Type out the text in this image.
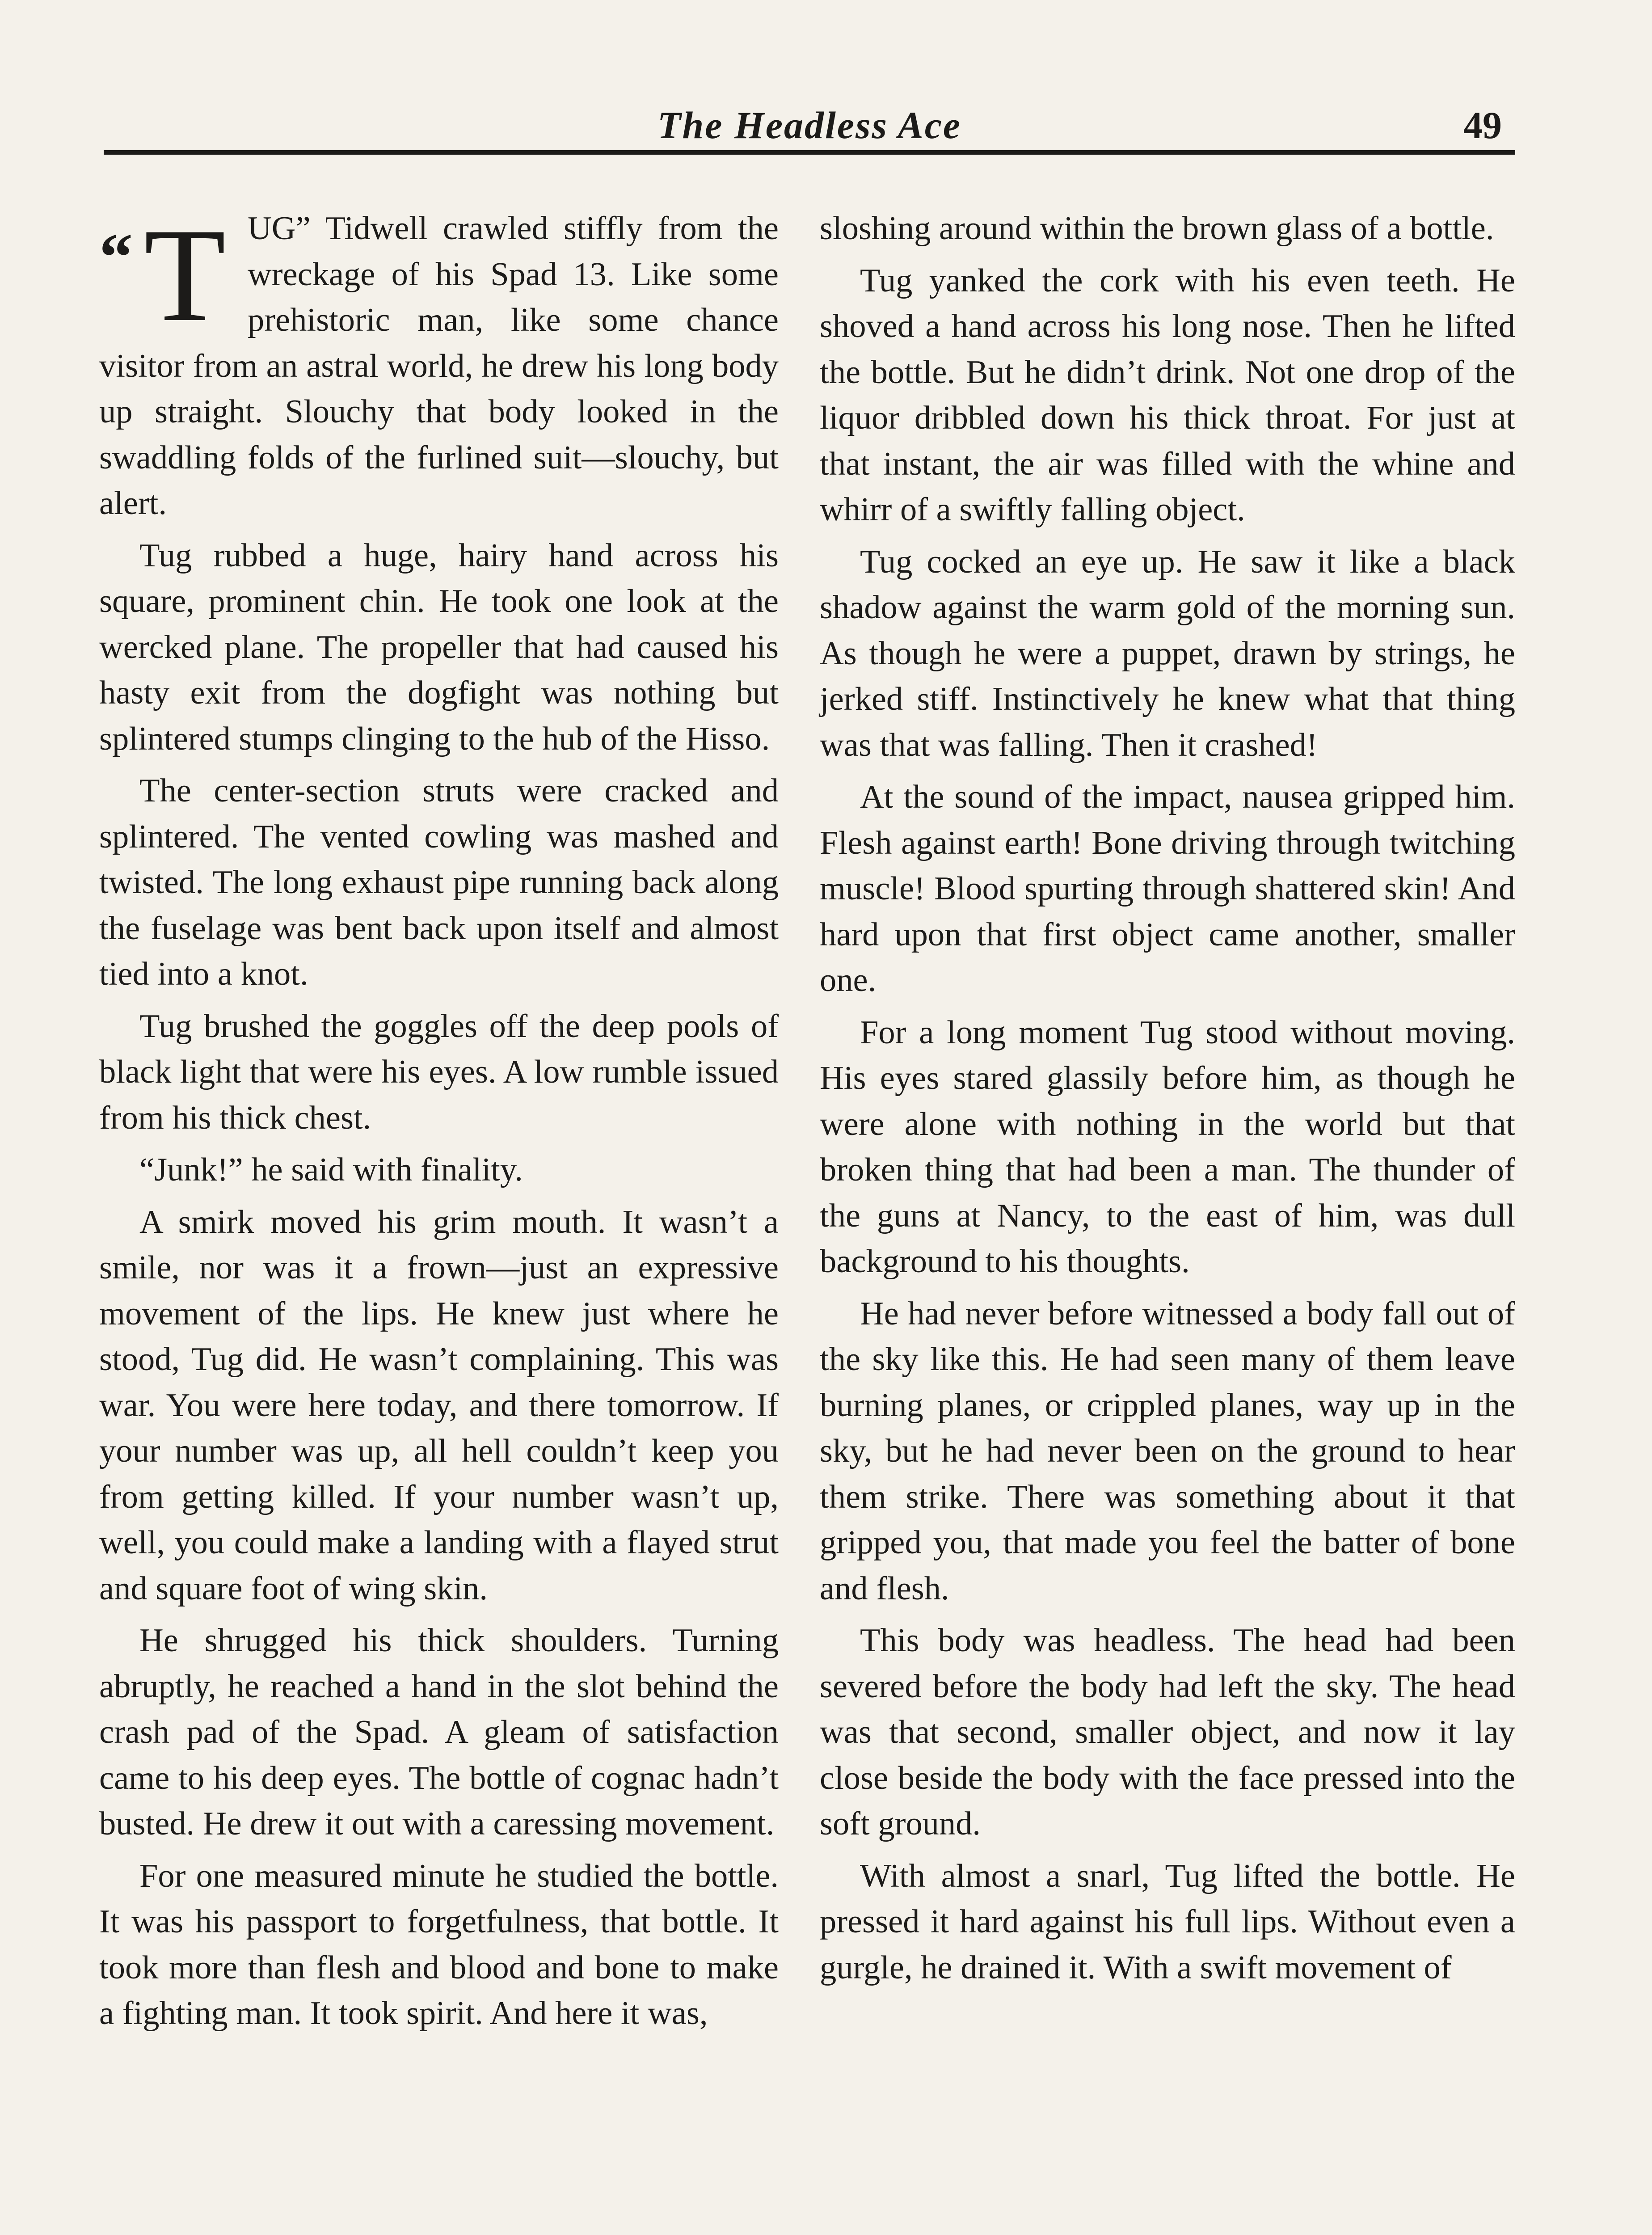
The Headless Ace	49

“ T UG” Tidwell crawled stiffly from the wreckage of his Spad 13. Like some prehistoric man, like some chance visitor from an astral world, he drew his long body up straight. Slouchy that body looked in the swaddling folds of the furlined suit—slouchy, but alert.

Tug rubbed a huge, hairy hand across his square, prominent chin. He took one look at the wercked plane. The propeller that had caused his hasty exit from the dogfight was nothing but splintered stumps clinging to the hub of the Hisso.

The center-section struts were cracked and splintered. The vented cowling was mashed and twisted. The long exhaust pipe running back along the fuselage was bent back upon itself and almost tied into a knot.

Tug brushed the goggles off the deep pools of black light that were his eyes. A low rumble issued from his thick chest.

“Junk!” he said with finality.

A smirk moved his grim mouth. It wasn’t a smile, nor was it a frown—just an expressive movement of the lips. He knew just where he stood, Tug did. He wasn’t complaining. This was war. You were here today, and there tomorrow. If your number was up, all hell couldn’t keep you from getting killed. If your number wasn’t up, well, you could make a landing with a flayed strut and square foot of wing skin.

He shrugged his thick shoulders. Turning abruptly, he reached a hand in the slot behind the crash pad of the Spad. A gleam of satisfaction came to his deep eyes. The bottle of cognac hadn’t busted. He drew it out with a caressing movement.

For one measured minute he studied the bottle. It was his passport to forgetfulness, that bottle. It took more than flesh and blood and bone to make a fighting man. It took spirit. And here it was,

sloshing around within the brown glass of a bottle.

Tug yanked the cork with his even teeth. He shoved a hand across his long nose. Then he lifted the bottle. But he didn’t drink. Not one drop of the liquor dribbled down his thick throat. For just at that instant, the air was filled with the whine and whirr of a swiftly falling object.

Tug cocked an eye up. He saw it like a black shadow against the warm gold of the morning sun. As though he were a puppet, drawn by strings, he jerked stiff. Instinctively he knew what that thing was that was falling. Then it crashed!

At the sound of the impact, nausea gripped him. Flesh against earth! Bone driving through twitching muscle! Blood spurting through shattered skin! And hard upon that first object came another, smaller one.

For a long moment Tug stood without moving. His eyes stared glassily before him, as though he were alone with nothing in the world but that broken thing that had been a man. The thunder of the guns at Nancy, to the east of him, was dull background to his thoughts.

He had never before witnessed a body fall out of the sky like this. He had seen many of them leave burning planes, or crippled planes, way up in the sky, but he had never been on the ground to hear them strike. There was something about it that gripped you, that made you feel the batter of bone and flesh.

This body was headless. The head had been severed before the body had left the sky. The head was that second, smaller object, and now it lay close beside the body with the face pressed into the soft ground.

With almost a snarl, Tug lifted the bottle. He pressed it hard against his full lips. Without even a gurgle, he drained it. With a swift movement of
